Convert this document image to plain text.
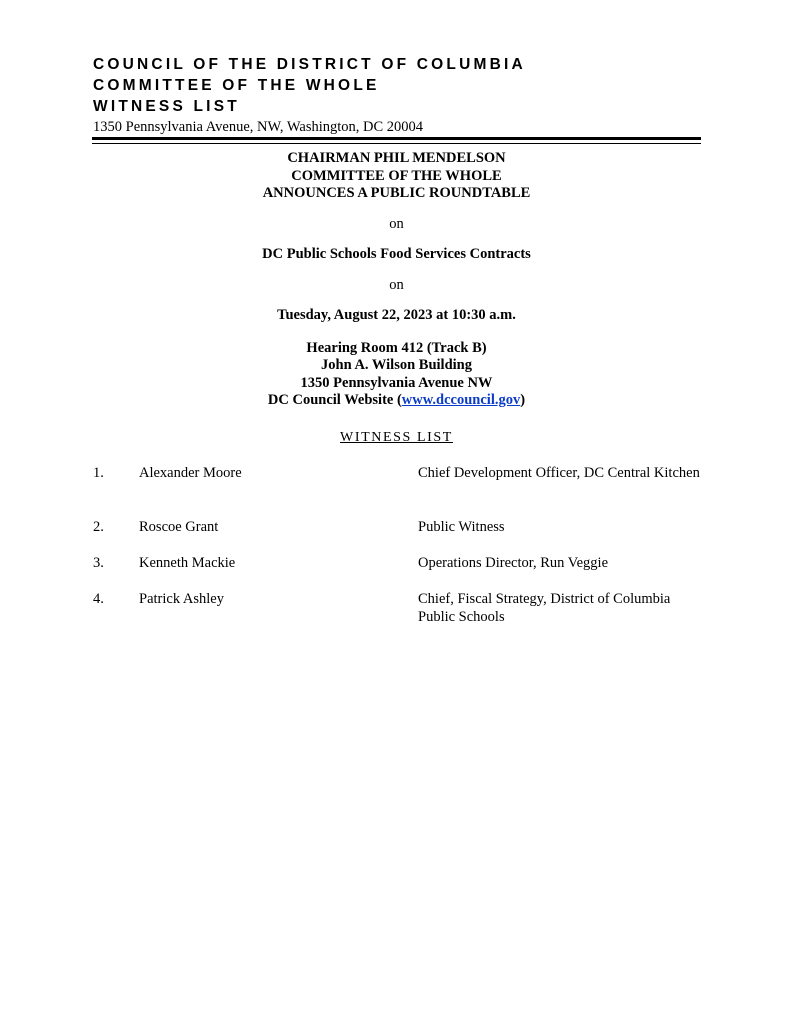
COUNCIL OF THE DISTRICT OF COLUMBIA
COMMITTEE OF THE WHOLE
WITNESS LIST
1350 Pennsylvania Avenue, NW, Washington, DC 20004
CHAIRMAN PHIL MENDELSON
COMMITTEE OF THE WHOLE
ANNOUNCES A PUBLIC ROUNDTABLE
on
DC Public Schools Food Services Contracts
on
Tuesday, August 22, 2023 at 10:30 a.m.
Hearing Room 412 (Track B)
John A. Wilson Building
1350 Pennsylvania Avenue NW
DC Council Website (www.dccouncil.gov)
WITNESS LIST
1. Alexander Moore	Chief Development Officer, DC Central Kitchen
2. Roscoe Grant	Public Witness
3. Kenneth Mackie	Operations Director, Run Veggie
4. Patrick Ashley	Chief, Fiscal Strategy, District of Columbia Public Schools
